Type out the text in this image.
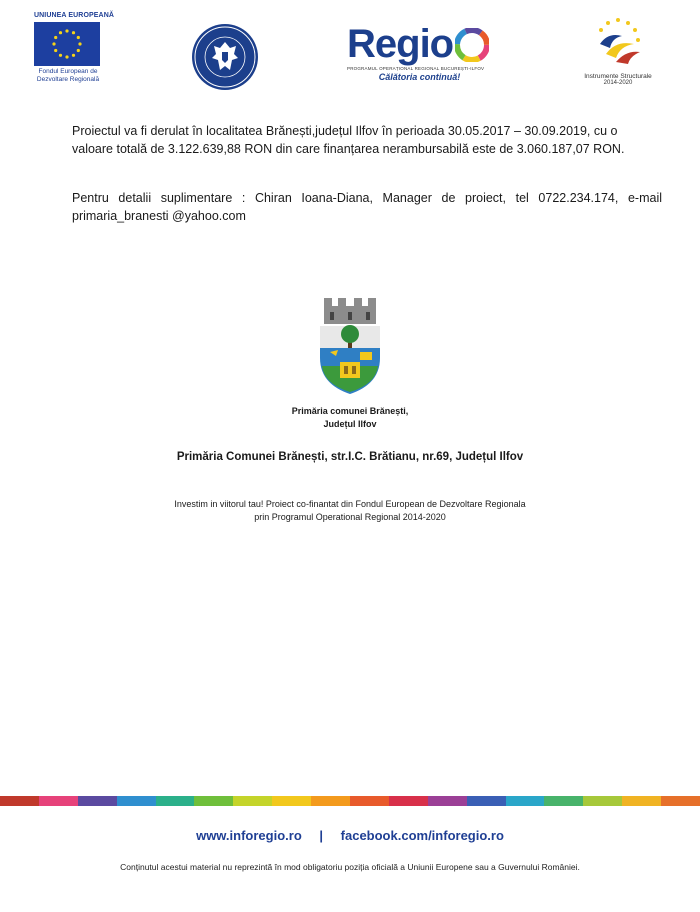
UNIUNEA EUROPEANĂ
Fondul European de
Dezvoltare Regională
Regio
PROGRAMUL OPERAȚIONAL REGIONAL BUCUREȘTI-ILFOV
Călătoria continuă!	Instrumente Structurale
2014-2020
Proiectul va fi derulat în localitatea Brănești,județul Ilfov în perioada 30.05.2017 – 30.09.2019, cu o
valoare totală de 3.122.639,88 RON din care finanțarea nerambursabilă este de 3.060.187,07 RON.
Pentru detalii suplimentare : Chiran Ioana-Diana, Manager de proiect, tel 0722.234.174, e-mail
primaria_branesti @yahoo.com
Primăria comunei Brănești,
Județul Ilfov
Primăria Comunei Brănești, str.I.C. Brătianu, nr.69, Județul Ilfov
Investim in viitorul tau! Proiect co-finantat din Fondul European de Dezvoltare Regionala
prin Programul Operational Regional 2014-2020
www.inforegio.ro | facebook.com/inforegio.ro
Conținutul acestui material nu reprezintă în mod obligatoriu poziția oficială a Uniunii Europene sau a Guvernului României.
